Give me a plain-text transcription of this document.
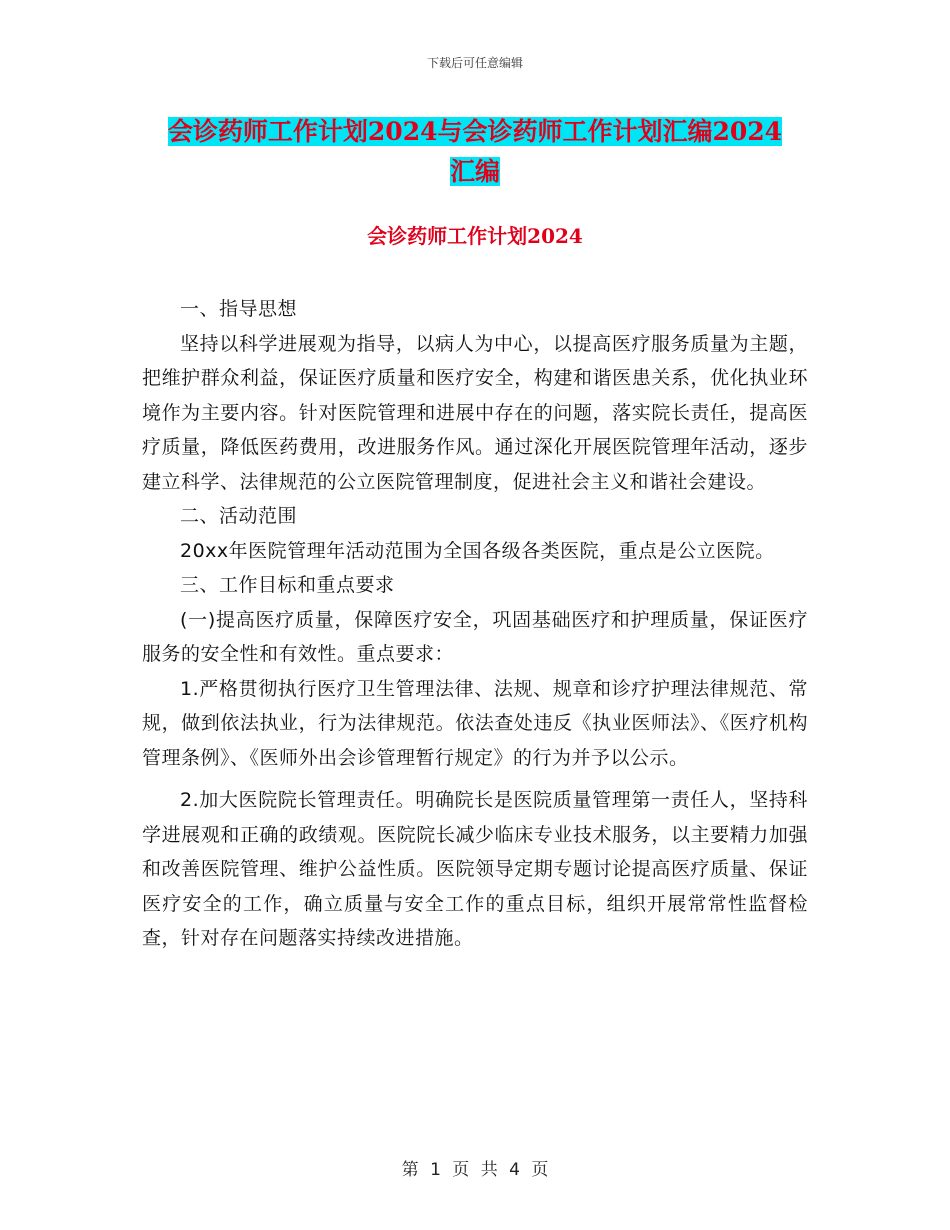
下载后可任意编辑
会诊药师工作计划2024与会诊药师工作计划汇编2024
汇编
会诊药师工作计划2024

一、指导思想

坚持以科学进展观为指导，以病人为中心，以提高医疗服务质量为主题，把维护群众利益，保证医疗质量和医疗安全，构建和谐医患关系，优化执业环境作为主要内容。针对医院管理和进展中存在的问题，落实院长责任，提高医疗质量，降低医药费用，改进服务作风。通过深化开展医院管理年活动，逐步建立科学、法律规范的公立医院管理制度，促进社会主义和谐社会建设。

二、活动范围

20xx年医院管理年活动范围为全国各级各类医院，重点是公立医院。

三、工作目标和重点要求

(一)提高医疗质量，保障医疗安全，巩固基础医疗和护理质量，保证医疗服务的安全性和有效性。重点要求：

1.严格贯彻执行医疗卫生管理法律、法规、规章和诊疗护理法律规范、常规，做到依法执业，行为法律规范。依法查处违反《执业医师法》、《医疗机构管理条例》、《医师外出会诊管理暂行规定》的行为并予以公示。

2.加大医院院长管理责任。明确院长是医院质量管理第一责任人，坚持科学进展观和正确的政绩观。医院院长减少临床专业技术服务，以主要精力加强和改善医院管理、维护公益性质。医院领导定期专题讨论提高医疗质量、保证医疗安全的工作，确立质量与安全工作的重点目标，组织开展常常性监督检查，针对存在问题落实持续改进措施。

第 1 页 共 4 页
